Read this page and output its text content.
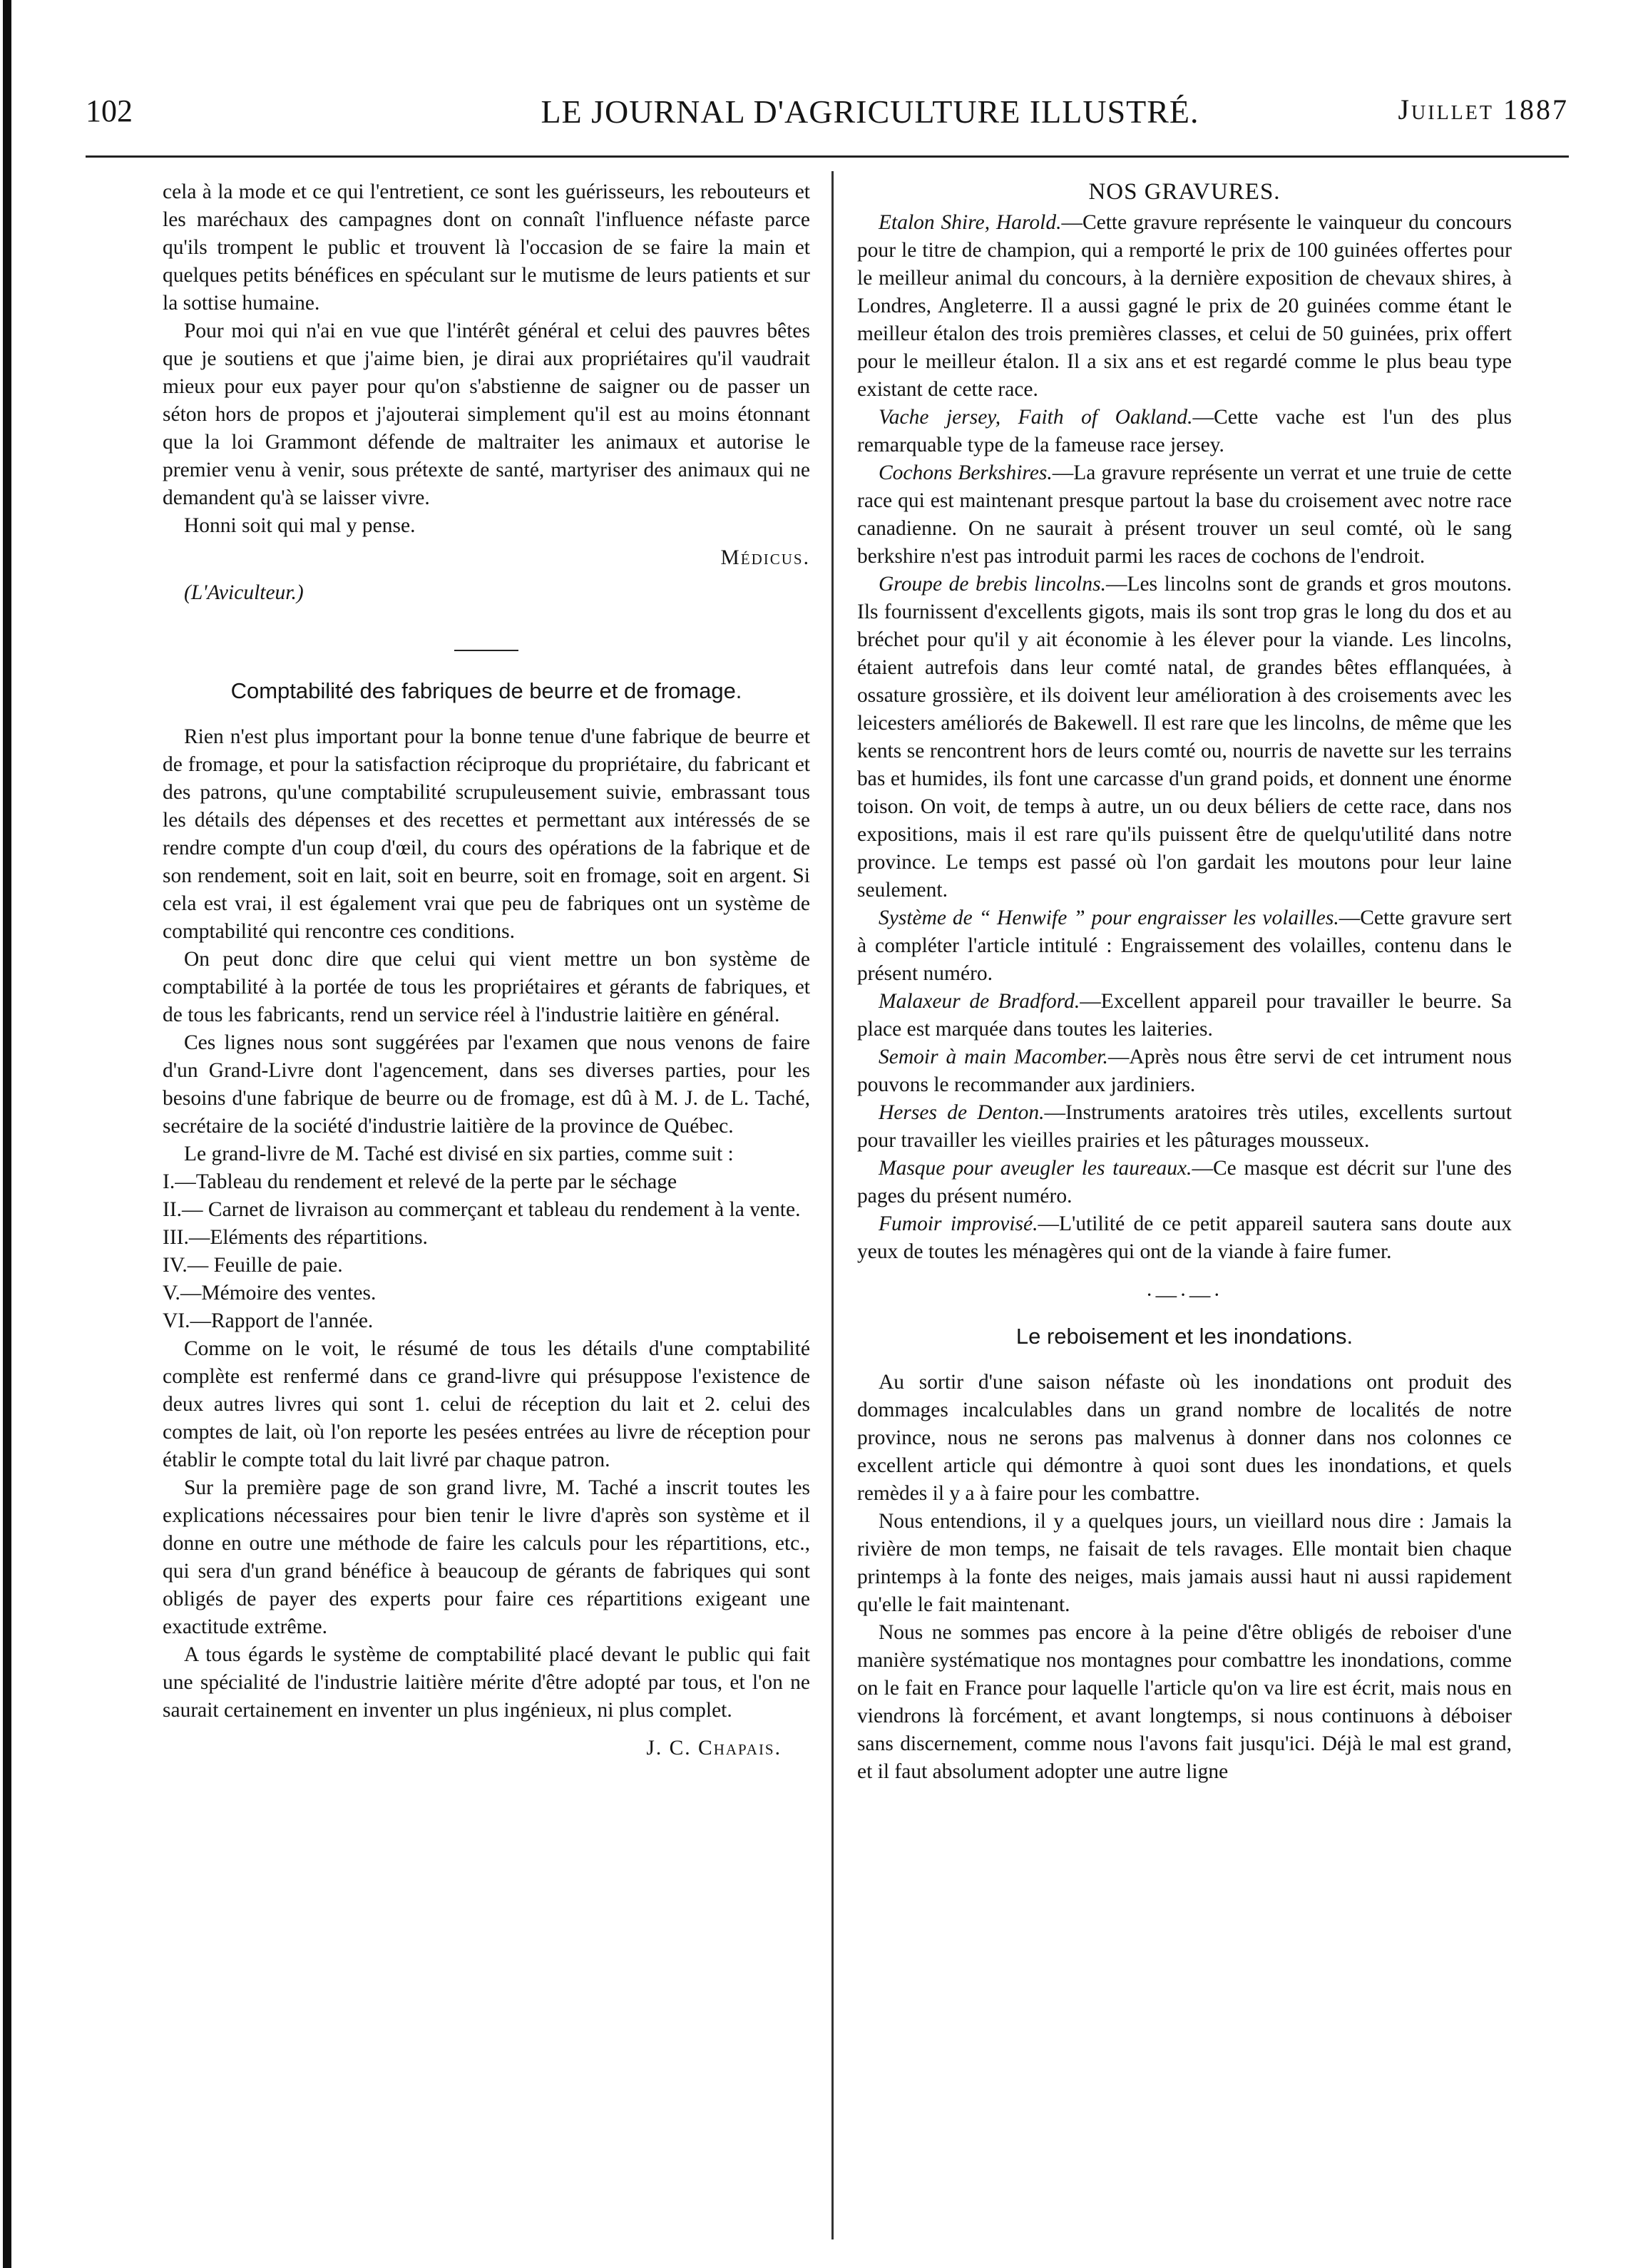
102	LE JOURNAL D'AGRICULTURE ILLUSTRÉ.	Juillet 1887

cela à la mode et ce qui l'entretient, ce sont les guérisseurs, les rebouteurs et les maréchaux des campagnes dont on connaît l'influence néfaste parce qu'ils trompent le public et trouvent là l'occasion de se faire la main et quelques petits bénéfices en spéculant sur le mutisme de leurs patients et sur la sottise humaine.

Pour moi qui n'ai en vue que l'intérêt général et celui des pauvres bêtes que je soutiens et que j'aime bien, je dirai aux propriétaires qu'il vaudrait mieux pour eux payer pour qu'on s'abstienne de saigner ou de passer un séton hors de propos et j'ajouterai simplement qu'il est au moins étonnant que la loi Grammont défende de maltraiter les animaux et autorise le premier venu à venir, sous prétexte de santé, martyriser des animaux qui ne demandent qu'à se laisser vivre.

Honni soit qui mal y pense.

Médicus.
(L'Aviculteur.)
Comptabilité des fabriques de beurre et de fromage.

Rien n'est plus important pour la bonne tenue d'une fabrique de beurre et de fromage, et pour la satisfaction réciproque du propriétaire, du fabricant et des patrons, qu'une comptabilité scrupuleusement suivie, embrassant tous les détails des dépenses et des recettes et permettant aux intéressés de se rendre compte d'un coup d'œil, du cours des opérations de la fabrique et de son rendement, soit en lait, soit en beurre, soit en fromage, soit en argent. Si cela est vrai, il est également vrai que peu de fabriques ont un système de comptabilité qui rencontre ces conditions.

On peut donc dire que celui qui vient mettre un bon système de comptabilité à la portée de tous les propriétaires et gérants de fabriques, et de tous les fabricants, rend un service réel à l'industrie laitière en général.

Ces lignes nous sont suggérées par l'examen que nous venons de faire d'un Grand-Livre dont l'agencement, dans ses diverses parties, pour les besoins d'une fabrique de beurre ou de fromage, est dû à M. J. de L. Taché, secrétaire de la société d'industrie laitière de la province de Québec.

Le grand-livre de M. Taché est divisé en six parties, comme suit :

I.—Tableau du rendement et relevé de la perte par le séchage

II.— Carnet de livraison au commerçant et tableau du rendement à la vente.

III.—Eléments des répartitions.

IV.— Feuille de paie.

V.—Mémoire des ventes.

VI.—Rapport de l'année.

Comme on le voit, le résumé de tous les détails d'une comptabilité complète est renfermé dans ce grand-livre qui présuppose l'existence de deux autres livres qui sont 1. celui de réception du lait et 2. celui des comptes de lait, où l'on reporte les pesées entrées au livre de réception pour établir le compte total du lait livré par chaque patron.

Sur la première page de son grand livre, M. Taché a inscrit toutes les explications nécessaires pour bien tenir le livre d'après son système et il donne en outre une méthode de faire les calculs pour les répartitions, etc., qui sera d'un grand bénéfice à beaucoup de gérants de fabriques qui sont obligés de payer des experts pour faire ces répartitions exigeant une exactitude extrême.

A tous égards le système de comptabilité placé devant le public qui fait une spécialité de l'industrie laitière mérite d'être adopté par tous, et l'on ne saurait certainement en inventer un plus ingénieux, ni plus complet.

J. C. Chapais.
NOS GRAVURES.

Etalon Shire, Harold.—Cette gravure représente le vainqueur du concours pour le titre de champion, qui a remporté le prix de 100 guinées offertes pour le meilleur animal du concours, à la dernière exposition de chevaux shires, à Londres, Angleterre. Il a aussi gagné le prix de 20 guinées comme étant le meilleur étalon des trois premières classes, et celui de 50 guinées, prix offert pour le meilleur étalon. Il a six ans et est regardé comme le plus beau type existant de cette race.

Vache jersey, Faith of Oakland.—Cette vache est l'un des plus remarquable type de la fameuse race jersey.

Cochons Berkshires.—La gravure représente un verrat et une truie de cette race qui est maintenant presque partout la base du croisement avec notre race canadienne. On ne saurait à présent trouver un seul comté, où le sang berkshire n'est pas introduit parmi les races de cochons de l'endroit.

Groupe de brebis lincolns.—Les lincolns sont de grands et gros moutons. Ils fournissent d'excellents gigots, mais ils sont trop gras le long du dos et au bréchet pour qu'il y ait économie à les élever pour la viande. Les lincolns, étaient autrefois dans leur comté natal, de grandes bêtes efflanquées, à ossature grossière, et ils doivent leur amélioration à des croisements avec les leicesters améliorés de Bakewell. Il est rare que les lincolns, de même que les kents se rencontrent hors de leurs comté ou, nourris de navette sur les terrains bas et humides, ils font une carcasse d'un grand poids, et donnent une énorme toison. On voit, de temps à autre, un ou deux béliers de cette race, dans nos expositions, mais il est rare qu'ils puissent être de quelqu'utilité dans notre province. Le temps est passé où l'on gardait les moutons pour leur laine seulement.

Système de “ Henwife ” pour engraisser les volailles.—Cette gravure sert à compléter l'article intitulé : Engraissement des volailles, contenu dans le présent numéro.

Malaxeur de Bradford.—Excellent appareil pour travailler le beurre. Sa place est marquée dans toutes les laiteries.

Semoir à main Macomber.—Après nous être servi de cet intrument nous pouvons le recommander aux jardiniers.

Herses de Denton.—Instruments aratoires très utiles, excellents surtout pour travailler les vieilles prairies et les pâturages mousseux.

Masque pour aveugler les taureaux.—Ce masque est décrit sur l'une des pages du présent numéro.

Fumoir improvisé.—L'utilité de ce petit appareil sautera sans doute aux yeux de toutes les ménagères qui ont de la viande à faire fumer.

·—·—·
Le reboisement et les inondations.

Au sortir d'une saison néfaste où les inondations ont produit des dommages incalculables dans un grand nombre de localités de notre province, nous ne serons pas malvenus à donner dans nos colonnes ce excellent article qui démontre à quoi sont dues les inondations, et quels remèdes il y a à faire pour les combattre.

Nous entendions, il y a quelques jours, un vieillard nous dire : Jamais la rivière de mon temps, ne faisait de tels ravages. Elle montait bien chaque printemps à la fonte des neiges, mais jamais aussi haut ni aussi rapidement qu'elle le fait maintenant.

Nous ne sommes pas encore à la peine d'être obligés de reboiser d'une manière systématique nos montagnes pour combattre les inondations, comme on le fait en France pour laquelle l'article qu'on va lire est écrit, mais nous en viendrons là forcément, et avant longtemps, si nous continuons à déboiser sans discernement, comme nous l'avons fait jusqu'ici. Déjà le mal est grand, et il faut absolument adopter une autre ligne
